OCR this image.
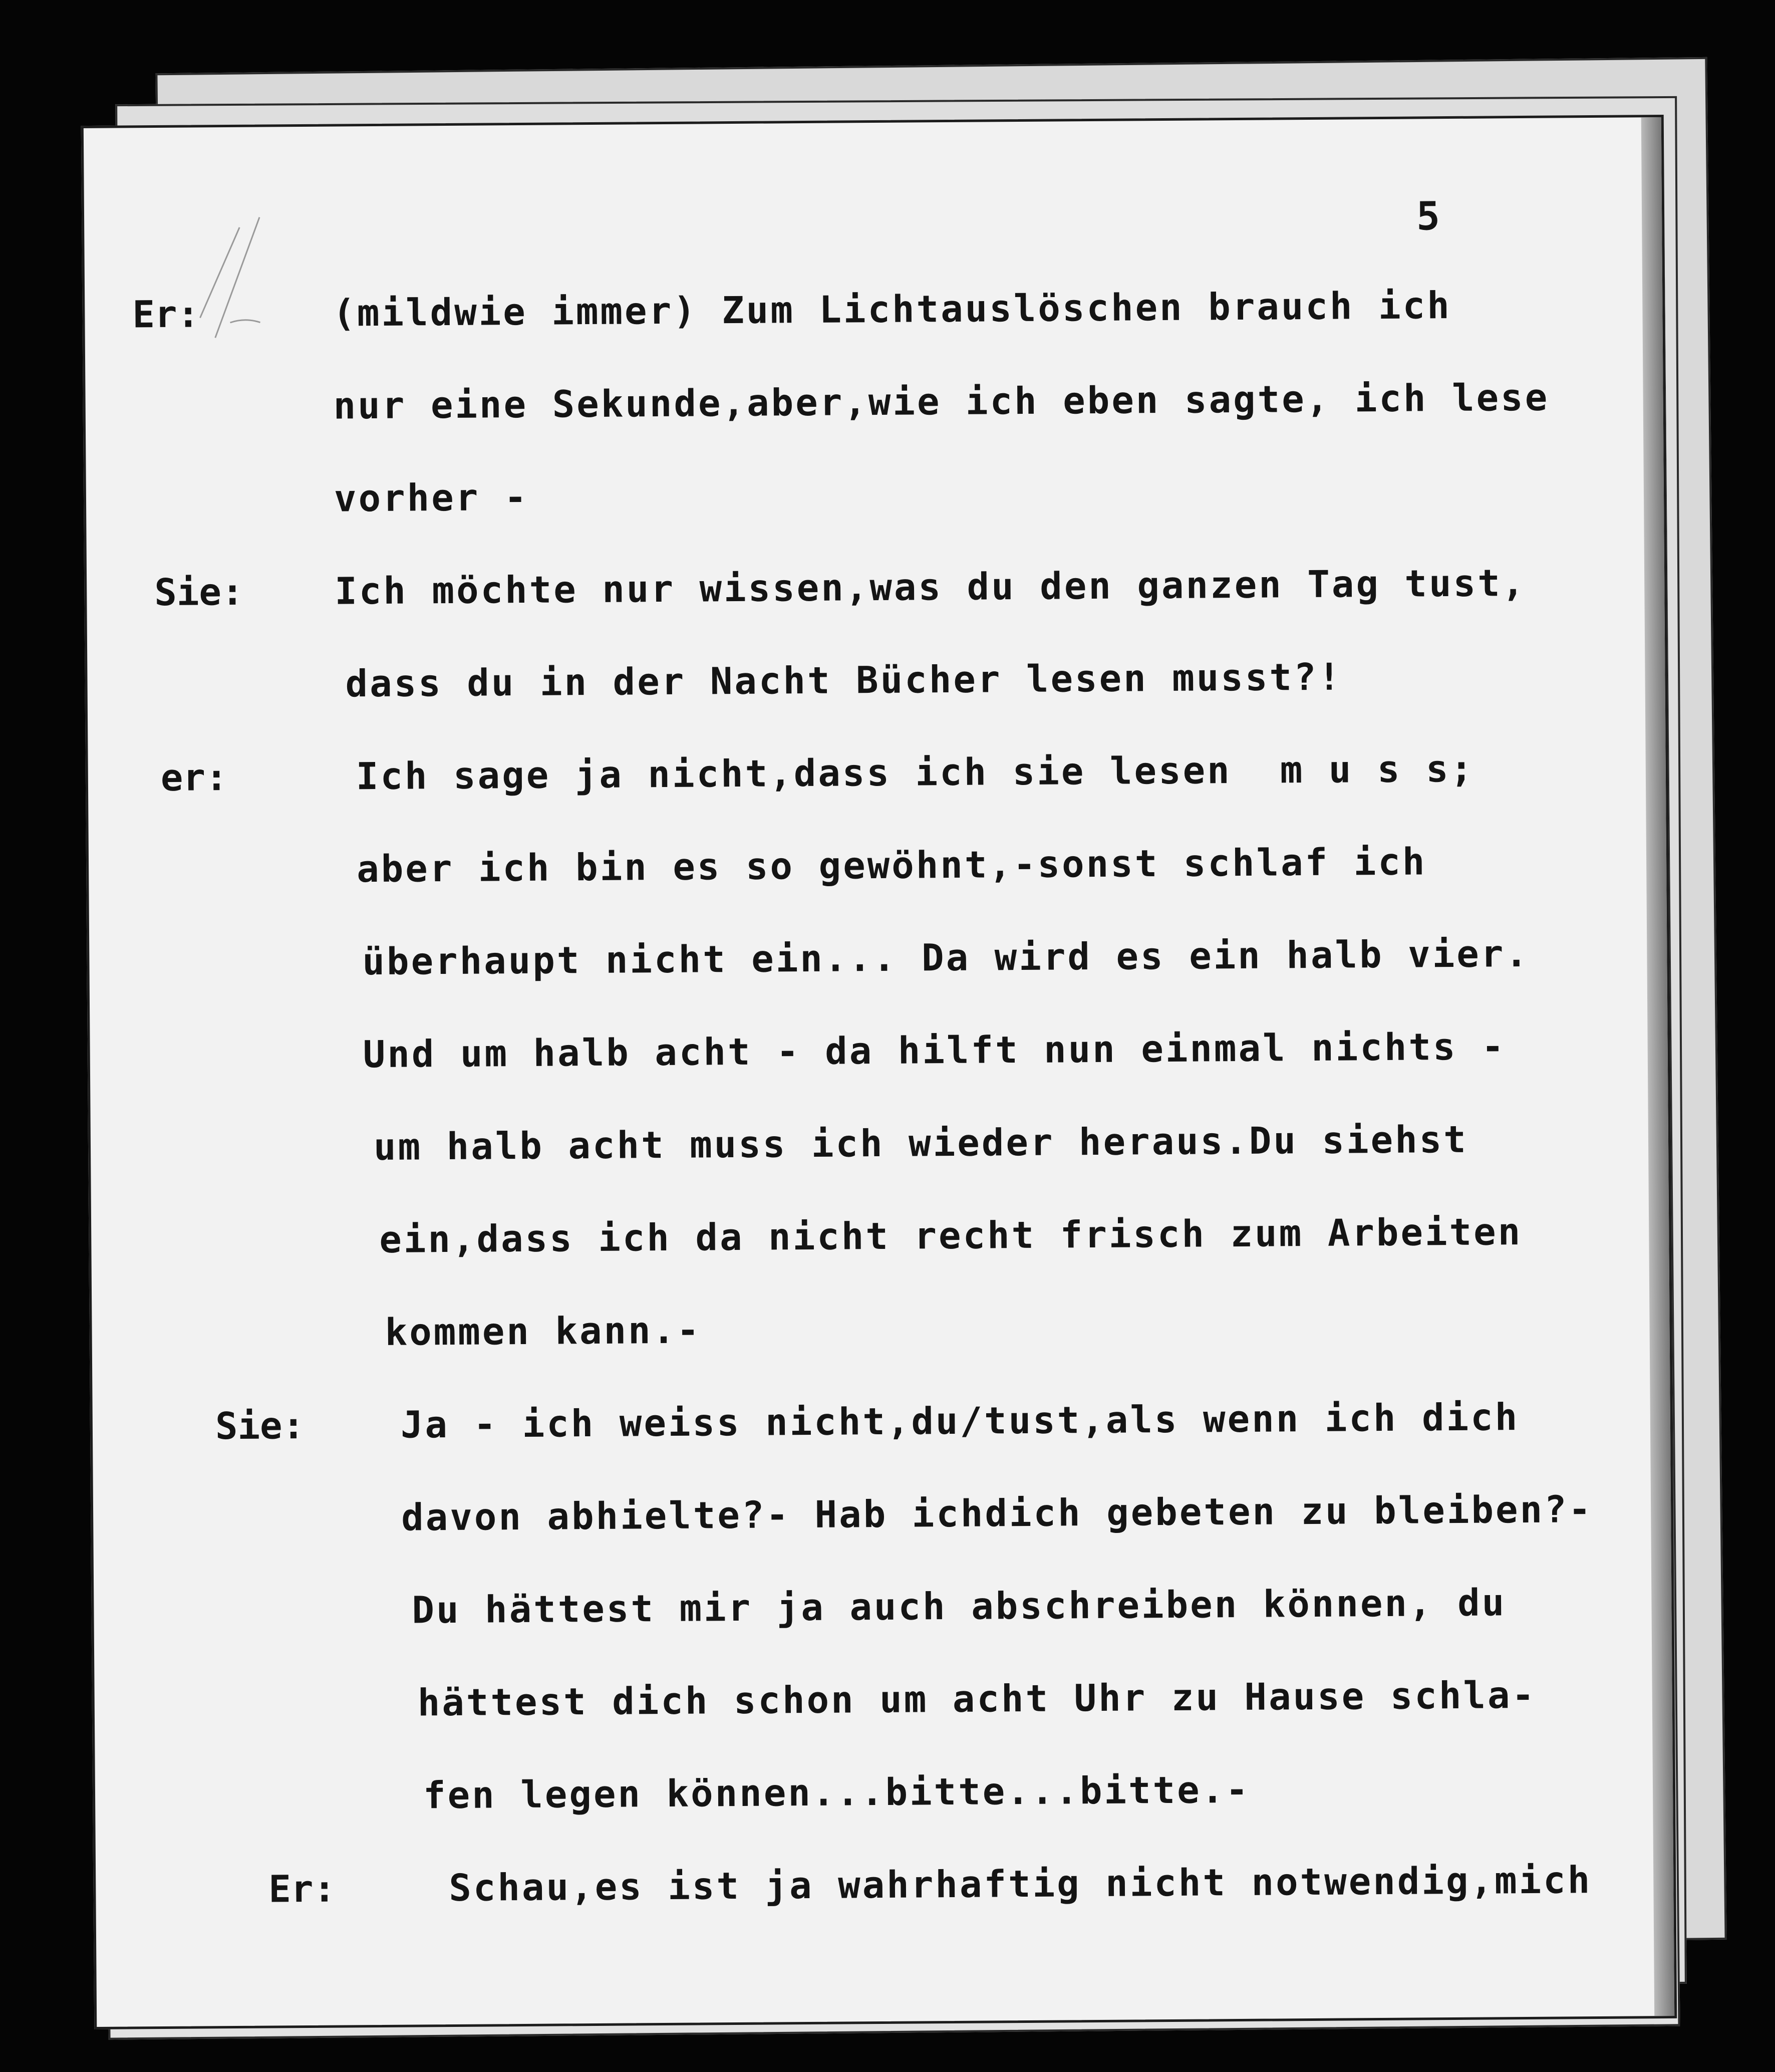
5
Er:	(mildwie immer) Zum Lichtauslöschen brauch ich
nur eine Sekunde,aber,wie ich eben sagte, ich lese
vorher -
Sie: Ich möchte nur wissen,was du den ganzen Tag tust,
dass du in der Nacht Bücher lesen musst?!
er:	Ich sage ja nicht,dass ich sie lesen  m u s s;
aber ich bin es so gewöhnt,-sonst schlaf ich
überhaupt nicht ein... Da wird es ein halb vier.
Und um halb acht - da hilft nun einmal nichts -
um halb acht muss ich wieder heraus.Du siehst
ein,dass ich da nicht recht frisch zum Arbeiten
kommen kann.-
Sie:	Ja - ich weiss nicht,du/tust,als wenn ich dich
davon abhielte?- Hab ichdich gebeten zu bleiben?-
Du hättest mir ja auch abschreiben können, du
hättest dich schon um acht Uhr zu Hause schla-
fen legen können...bitte...bitte.-
Er:	Schau,es ist ja wahrhaftig nicht notwendig,mich
